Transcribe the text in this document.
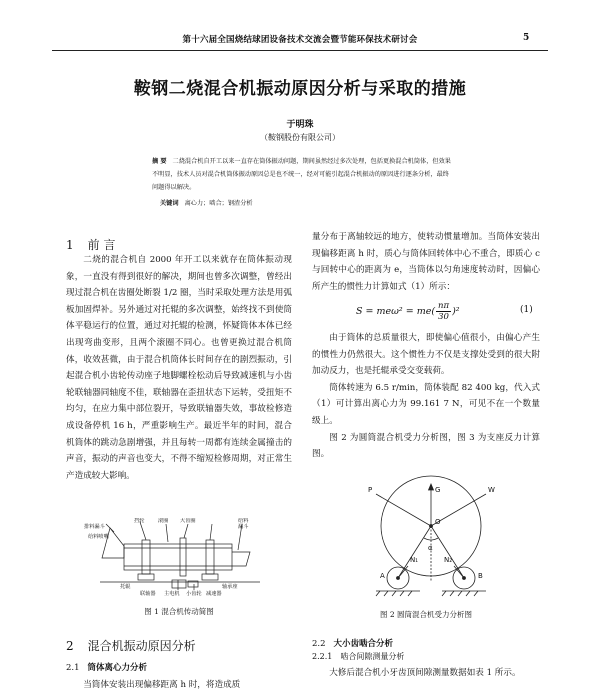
第十六届全国烧结球团设备技术交流会暨节能环保技术研讨会	5
鞍钢二烧混合机振动原因分析与采取的措施
于明珠
（鞍钢股份有限公司）
摘 要 二烧混合机自开工以来一直存在筒体振动问题，期间虽然经过多次处理，包括更换混合机筒体，但效果不明显，技术人员对混合机筒体振动原因总是也不统一，经对可能引起混合机振动的原因进行逐条分析，最终问题得以解决。
关键词 离心力；啮合；钢渣分析
1 前 言

二烧的混合机自 2000 年开工以来就存在筒体振动现象，一直没有得到很好的解决，期间也曾多次调整，曾经出现过混合机在齿圈处断裂 1/2 圈，当时采取处理方法是用弧板加固焊补。另外通过对托辊的多次调整，始终找不到使筒体平稳运行的位置，通过对托辊的检测，怀疑筒体本体已经出现弯曲变形，且两个滚圈不同心。也曾更换过混合机筒体，收效甚微，由于混合机筒体长时间存在的剧烈振动，引起混合机小齿轮传动座子地脚螺栓松动后导致减速机与小齿轮联轴器同轴度不佳，联轴器在歪扭状态下运转，受扭矩不均匀，在应力集中部位裂开，导致联轴器失效，事故检修造成设备停机 16 h，严重影响生产。最近半年的时间，混合机筒体的跳动急剧增强，并且每转一周都有连续金属撞击的声音，振动的声音也变大，不得不缩短检修周期，对正常生产造成较大影响。

排料漏斗
给料喷嘴
挡轮	滚圈 大齿圈	给料
漏斗
主电机 小齿轮 减速器
托辊	轴承座
联轴器
图 1 混合机传动简图
2 混合机振动原因分析
2.1 筒体离心力分析

当筒体安装出现偏移距离 h 时，将造成质

量分布于离轴较远的地方，使转动惯量增加。当筒体安装出现偏移距离 h 时，质心与筒体回转体中心不重合，即质心 c 与回转中心的距离为 e，当筒体以匀角速度转动时，因偏心所产生的惯性力计算如式（1）所示：

$S = me\omega^2 = me( \frac{n\pi}{30} )^2$	(1)

由于筒体的总质量很大，即使偏心值很小，由偏心产生的惯性力仍然很大。这个惯性力不仅是支撑处受到的很大附加动反力，也是托辊承受交变载荷。

筒体转速为 6.5 r/min，筒体装配 82 400 kg，代入式（1）可计算出离心力为 99.161 7 N，可见不在一个数量级上。

图 2 为圆筒混合机受力分析图，图 3 为支座反力计算图。

O
G
N₁	N₂
P	W
A	B
α
图 2 圆筒混合机受力分析图
2.2 大小齿啮合分析
2.2.1 啮合间隙测量分析

大修后混合机小牙齿顶间隙测量数据如表 1 所示。
